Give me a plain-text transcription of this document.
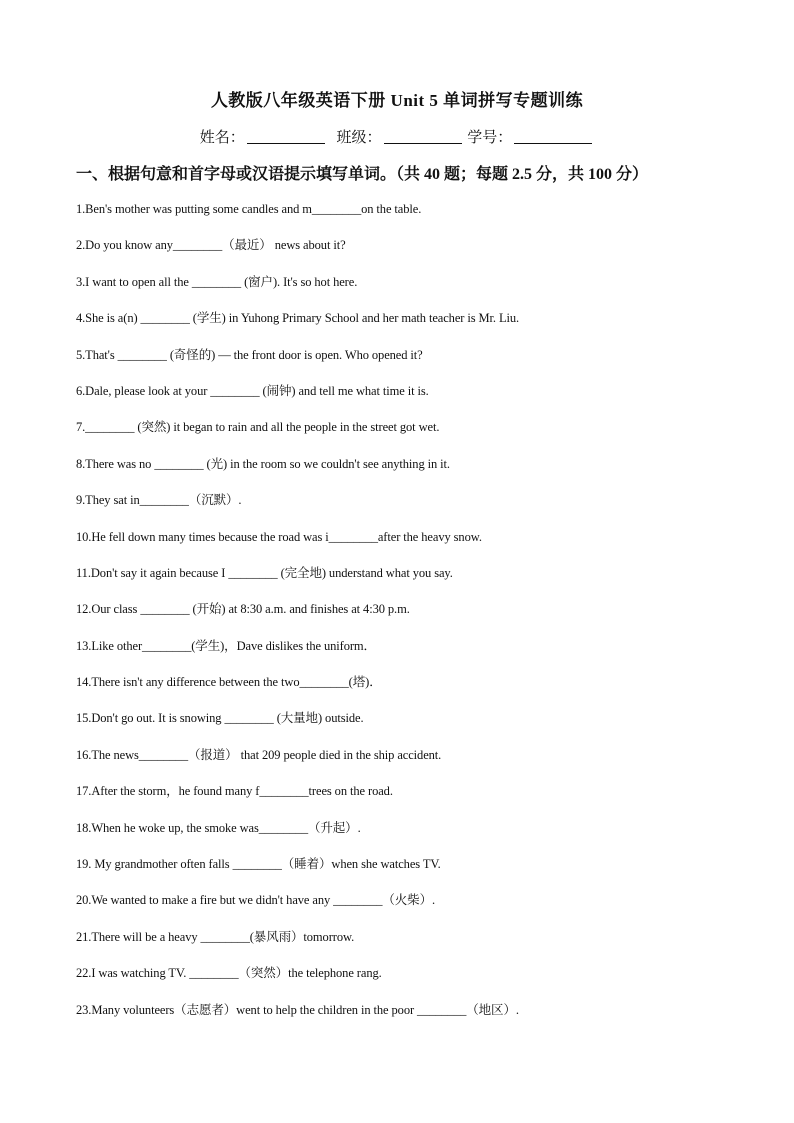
人教版八年级英语下册 Unit 5 单词拼写专题训练
姓名：	班级：	学号：
一、根据句意和首字母或汉语提示填写单词。（共 40 题；每题 2.5 分，共 100 分）
1.Ben's mother was putting some candles and m________on the table.
2.Do you know any________（最近） news about it?
3.I want to open all the ________ (窗户). It's so hot here.
4.She is a(n) ________ (学生) in Yuhong Primary School and her math teacher is Mr. Liu.
5.That's ________ (奇怪的) — the front door is open. Who opened it?
6.Dale, please look at your ________ (闹钟) and tell me what time it is.
7.________ (突然) it began to rain and all the people in the street got wet.
8.There was no ________ (光) in the room so we couldn't see anything in it.
9.They sat in________（沉默）.
10.He fell down many times because the road was i________after the heavy snow.
11.Don't say it again because I ________ (完全地) understand what you say.
12.Our class ________ (开始) at 8:30 a.m. and finishes at 4:30 p.m.
13.Like other________(学生)，Dave dislikes the uniform．
14.There isn't any difference between the two________(塔)．
15.Don't go out. It is snowing ________ (大量地) outside.
16.The news________（报道） that 209 people died in the ship accident.
17.After the storm，he found many f________trees on the road.
18.When he woke up, the smoke was________（升起）.
19. My grandmother often falls ________（睡着）when she watches TV.
20.We wanted to make a fire but we didn't have any ________（火柴）.
21.There will be a heavy ________(暴风雨）tomorrow.
22.I was watching TV. ________（突然）the telephone rang.
23.Many volunteers（志愿者）went to help the children in the poor ________（地区）.
